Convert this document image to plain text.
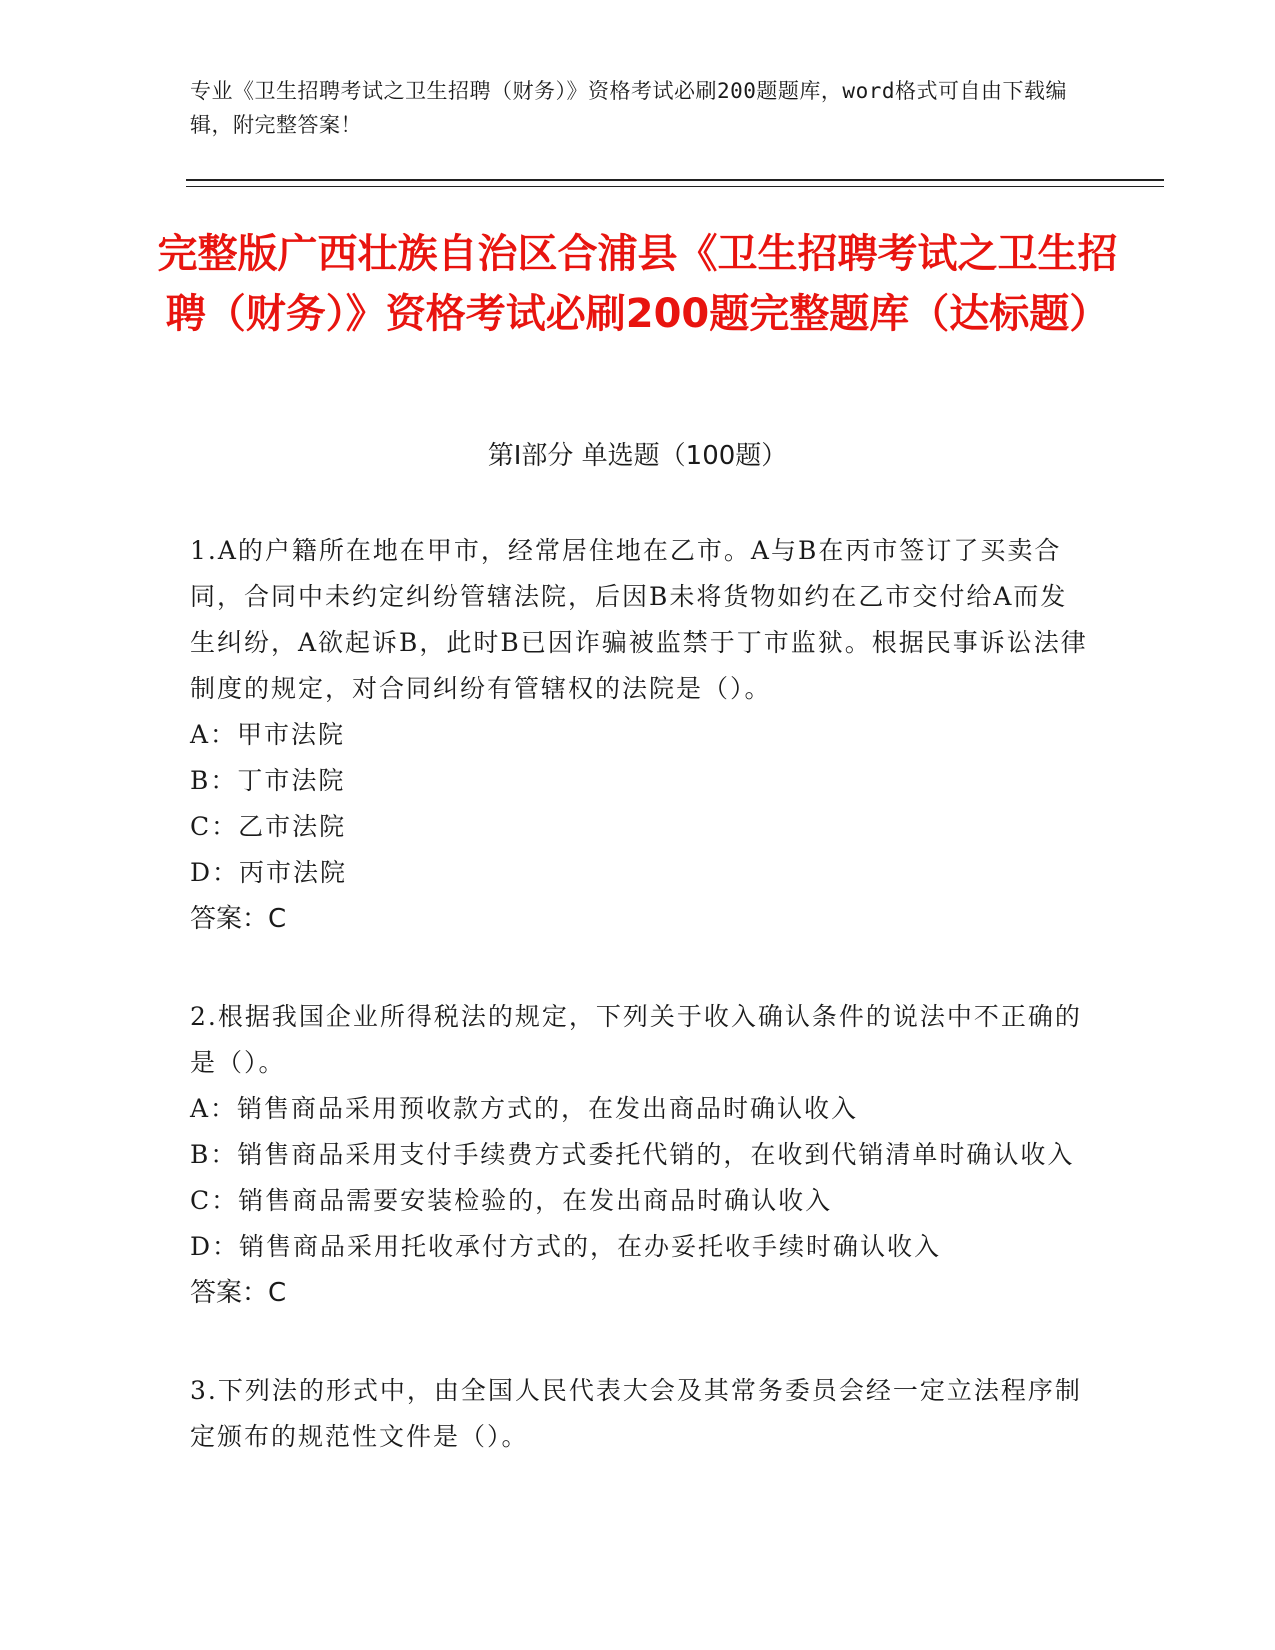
专业《卫生招聘考试之卫生招聘（财务）》资格考试必刷200题题库，word格式可自由下载编辑，附完整答案！
完整版广西壮族自治区合浦县《卫生招聘考试之卫生招聘（财务）》资格考试必刷200题完整题库（达标题）
第Ⅰ部分 单选题（100题）
1.A的户籍所在地在甲市，经常居住地在乙市。A与B在丙市签订了买卖合同，合同中未约定纠纷管辖法院，后因B未将货物如约在乙市交付给A而发生纠纷，A欲起诉B，此时B已因诈骗被监禁于丁市监狱。根据民事诉讼法律制度的规定，对合同纠纷有管辖权的法院是（）。
A：甲市法院
B：丁市法院
C：乙市法院
D：丙市法院
答案：C
2.根据我国企业所得税法的规定，下列关于收入确认条件的说法中不正确的是（）。
A：销售商品采用预收款方式的，在发出商品时确认收入
B：销售商品采用支付手续费方式委托代销的，在收到代销清单时确认收入
C：销售商品需要安装检验的，在发出商品时确认收入
D：销售商品采用托收承付方式的，在办妥托收手续时确认收入
答案：C
3.下列法的形式中，由全国人民代表大会及其常务委员会经一定立法程序制定颁布的规范性文件是（）。
